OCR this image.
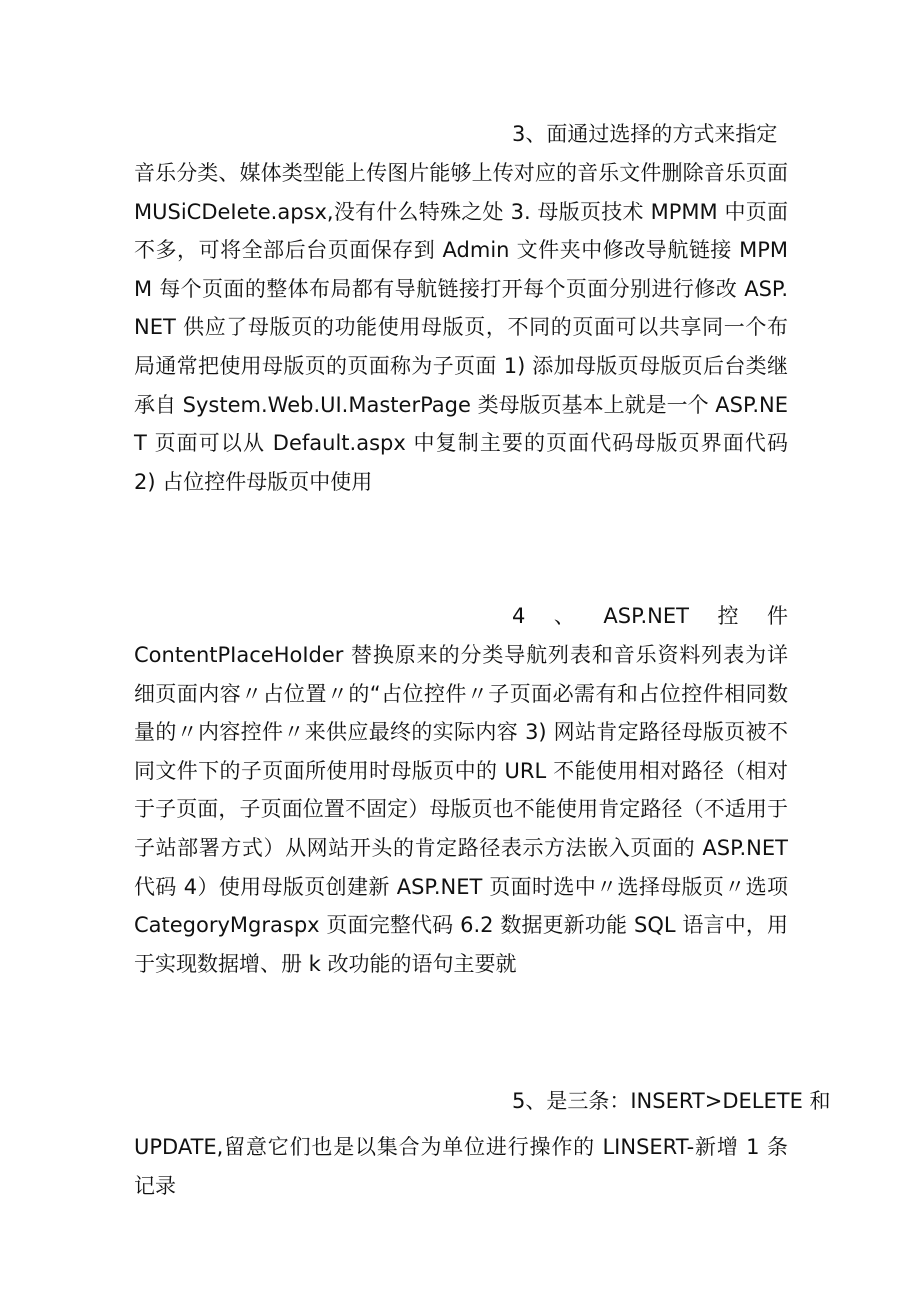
3、面通过选择的方式来指定

音乐分类、媒体类型能上传图片能够上传对应的音乐文件删除音乐页面 MUSiCDeIete.apsx,没有什么特殊之处 3. 母版页技术 MPMM 中页面不多，可将全部后台页面保存到 Admin 文件夹中修改导航链接 MPMM 每个页面的整体布局都有导航链接打开每个页面分别进行修改 ASP.NET 供应了母版页的功能使用母版页，不同的页面可以共享同一个布局通常把使用母版页的页面称为子页面 1) 添加母版页母版页后台类继承自 System.Web.UI.MasterPage 类母版页基本上就是一个 ASP.NET 页面可以从 Default.aspx 中复制主要的页面代码母版页界面代码 2) 占位控件母版页中使用

4 、 ASP.NET 控 件

ContentPIaceHoIder 替换原来的分类导航列表和音乐资料列表为详细页面内容〃占位置〃的“占位控件〃子页面必需有和占位控件相同数量的〃内容控件〃来供应最终的实际内容 3) 网站肯定路径母版页被不同文件下的子页面所使用时母版页中的 URL 不能使用相对路径（相对于子页面，子页面位置不固定）母版页也不能使用肯定路径（不适用于子站部署方式）从网站开头的肯定路径表示方法嵌入页面的 ASP.NET 代码 4）使用母版页创建新 ASP.NET 页面时选中〃选择母版页〃选项 CategoryMgraspx 页面完整代码 6.2 数据更新功能 SQL 语言中，用于实现数据增、册 k 改功能的语句主要就

5、是三条：INSERT>DELETE 和

UPDATE,留意它们也是以集合为单位进行操作的 LINSERT-新增 1 条记录
